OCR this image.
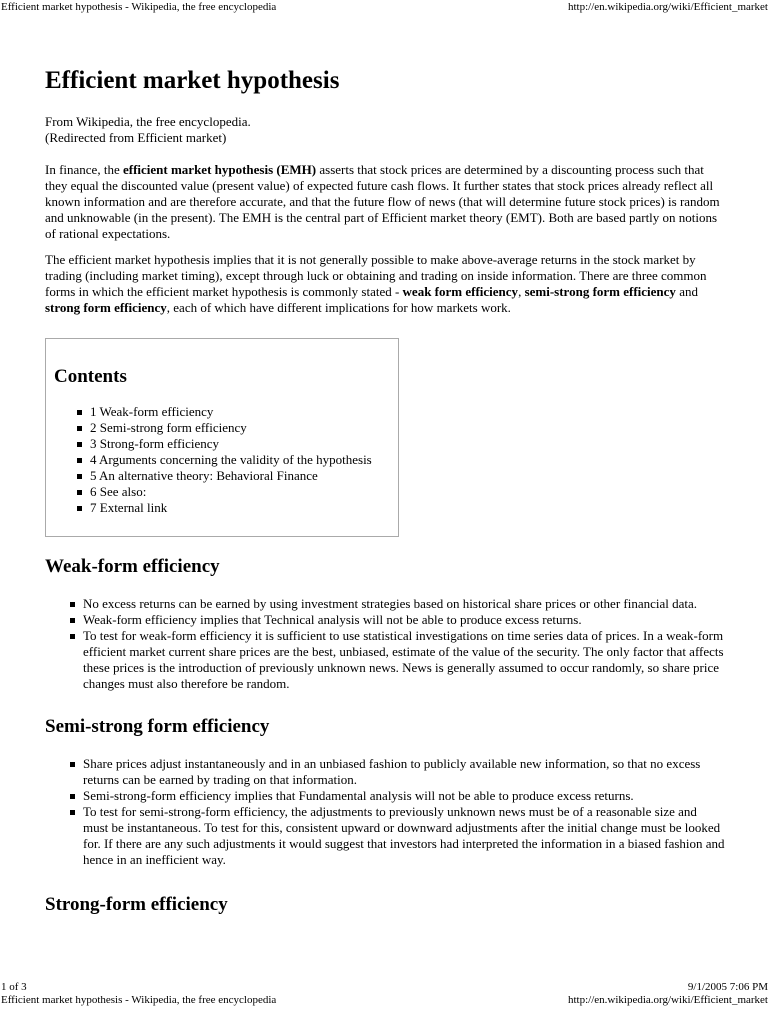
Efficient market hypothesis - Wikipedia, the free encyclopedia	http://en.wikipedia.org/wiki/Efficient_market
Efficient market hypothesis
From Wikipedia, the free encyclopedia.
(Redirected from Efficient market)

In finance, the efficient market hypothesis (EMH) asserts that stock prices are determined by a discounting process such that they equal the discounted value (present value) of expected future cash flows. It further states that stock prices already reflect all known information and are therefore accurate, and that the future flow of news (that will determine future stock prices) is random and unknowable (in the present). The EMH is the central part of Efficient market theory (EMT). Both are based partly on notions of rational expectations.

The efficient market hypothesis implies that it is not generally possible to make above-average returns in the stock market by trading (including market timing), except through luck or obtaining and trading on inside information. There are three common forms in which the efficient market hypothesis is commonly stated - weak form efficiency, semi-strong form efficiency and strong form efficiency, each of which have different implications for how markets work.

Contents
1 Weak-form efficiency
2 Semi-strong form efficiency
3 Strong-form efficiency
4 Arguments concerning the validity of the hypothesis
5 An alternative theory: Behavioral Finance
6 See also:
7 External link
Weak-form efficiency
No excess returns can be earned by using investment strategies based on historical share prices or other financial data.
Weak-form efficiency implies that Technical analysis will not be able to produce excess returns.
To test for weak-form efficiency it is sufficient to use statistical investigations on time series data of prices. In a weak-form efficient market current share prices are the best, unbiased, estimate of the value of the security. The only factor that affects these prices is the introduction of previously unknown news. News is generally assumed to occur randomly, so share price changes must also therefore be random.
Semi-strong form efficiency
Share prices adjust instantaneously and in an unbiased fashion to publicly available new information, so that no excess returns can be earned by trading on that information.
Semi-strong-form efficiency implies that Fundamental analysis will not be able to produce excess returns.
To test for semi-strong-form efficiency, the adjustments to previously unknown news must be of a reasonable size and must be instantaneous. To test for this, consistent upward or downward adjustments after the initial change must be looked for. If there are any such adjustments it would suggest that investors had interpreted the information in a biased fashion and hence in an inefficient way.
Strong-form efficiency
1 of 3	9/1/2005 7:06 PM
Efficient market hypothesis - Wikipedia, the free encyclopedia	http://en.wikipedia.org/wiki/Efficient_market
